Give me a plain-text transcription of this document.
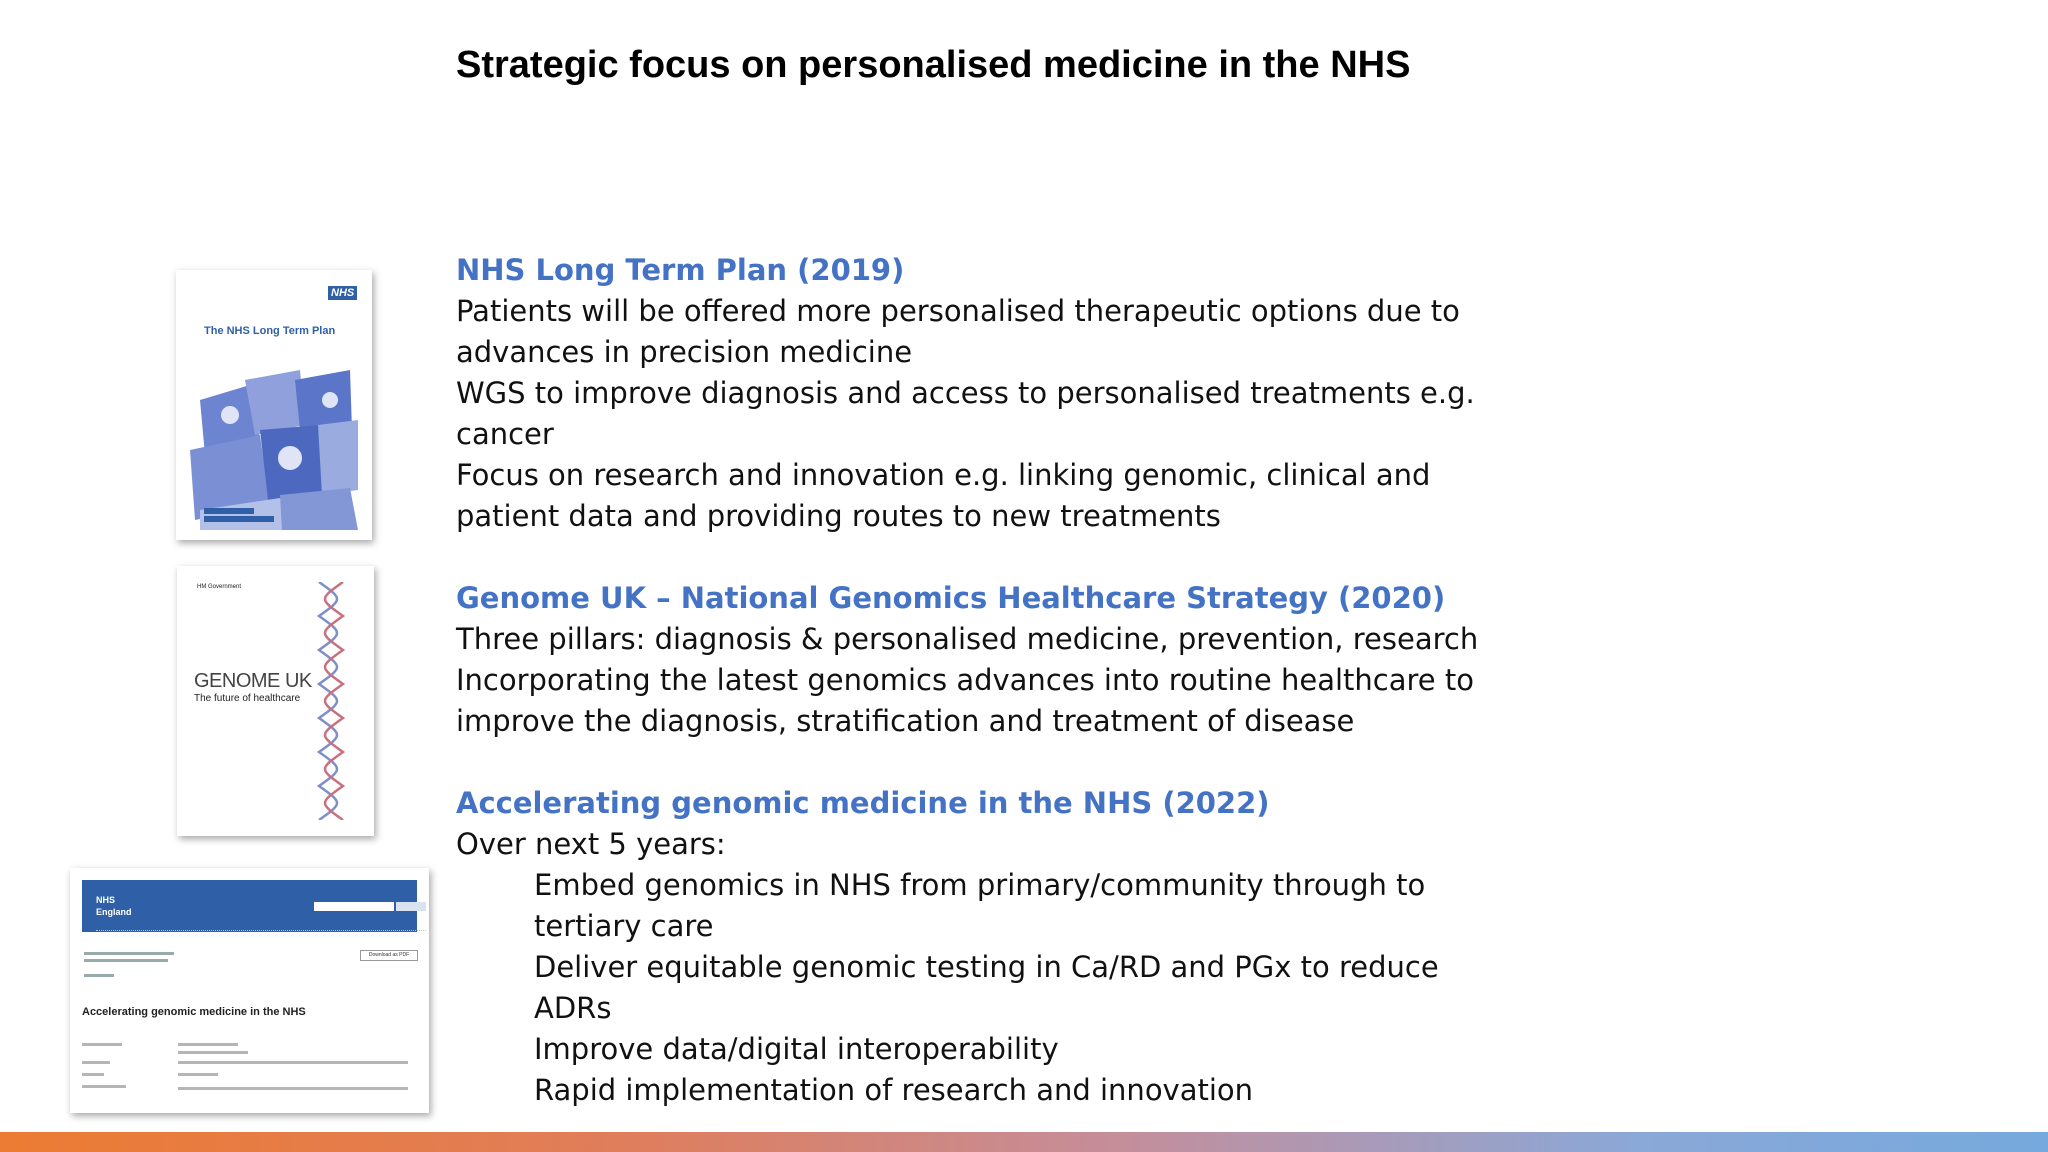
Strategic focus on personalised medicine in the NHS
NHS
The NHS Long Term Plan
HM Government
GENOME UK
The future of healthcare
NHS
England
Download as PDF
Accelerating genomic medicine in the NHS
NHS Long Term Plan (2019)
Patients will be offered more personalised therapeutic options due to
advances in precision medicine
WGS to improve diagnosis and access to personalised treatments e.g.
cancer
Focus on research and innovation e.g. linking genomic, clinical and
patient data and providing routes to new treatments
Genome UK – National Genomics Healthcare Strategy (2020)
Three pillars: diagnosis & personalised medicine, prevention, research
Incorporating the latest genomics advances into routine healthcare to
improve the diagnosis, stratification and treatment of disease
Accelerating genomic medicine in the NHS (2022)
Over next 5 years:
Embed genomics in NHS from primary/community through to
tertiary care
Deliver equitable genomic testing in Ca/RD and PGx to reduce
ADRs
Improve data/digital interoperability
Rapid implementation of research and innovation
